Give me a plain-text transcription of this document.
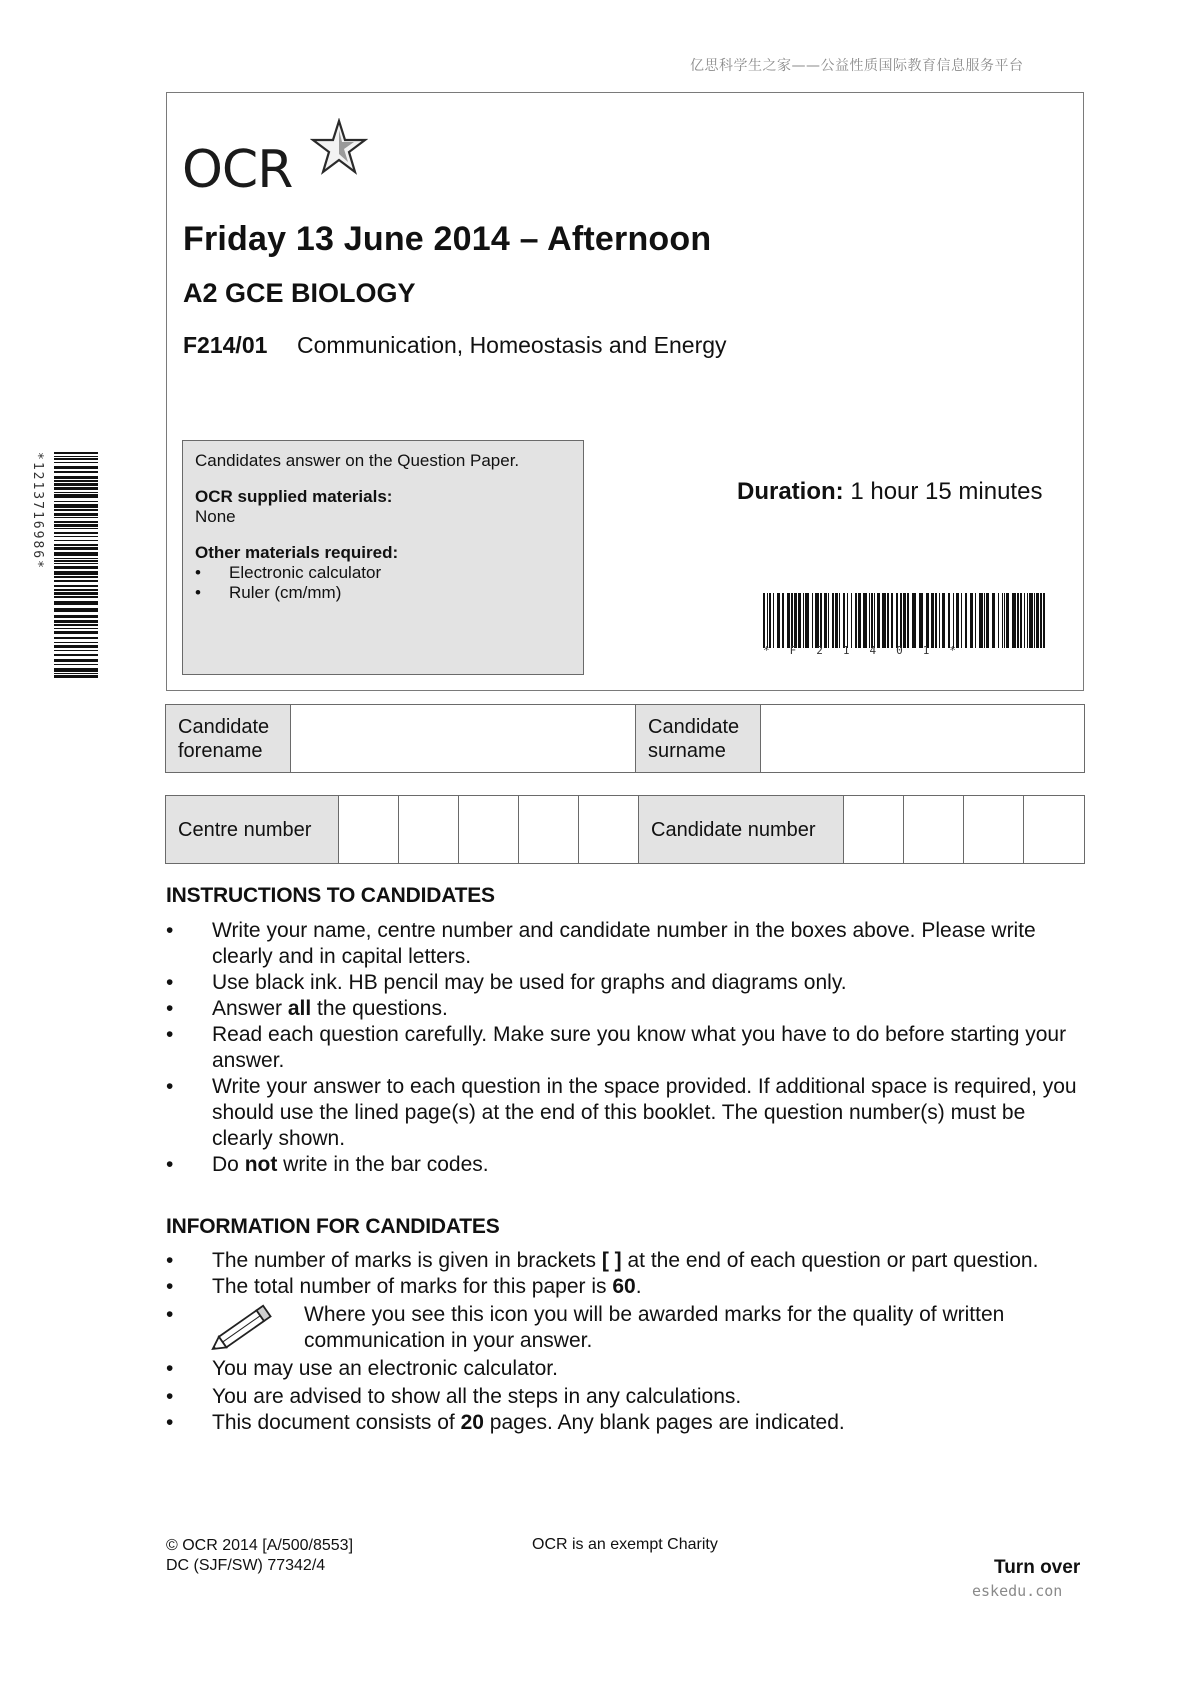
亿思科学生之家——公益性质国际教育信息服务平台
OCR
Friday 13 June 2014 – Afternoon
A2 GCE BIOLOGY
F214/01 Communication, Homeostasis and Energy
Candidates answer on the Question Paper.
OCR supplied materials:
None
Other materials required:
• Electronic calculator
• Ruler (cm/mm)
Duration: 1 hour 15 minutes
*F21401*
*1213716986*
Candidate forename		Candidate surname	
Centre number						Candidate number				
INSTRUCTIONS TO CANDIDATES
• Write your name, centre number and candidate number in the boxes above. Please write clearly and in capital letters.
• Use black ink. HB pencil may be used for graphs and diagrams only.
• Answer all the questions.
• Read each question carefully. Make sure you know what you have to do before starting your answer.
• Write your answer to each question in the space provided. If additional space is required, you should use the lined page(s) at the end of this booklet. The question number(s) must be clearly shown.
• Do not write in the bar codes.
INFORMATION FOR CANDIDATES
• The number of marks is given in brackets [ ] at the end of each question or part question.
• The total number of marks for this paper is 60.
• Where you see this icon you will be awarded marks for the quality of written communication in your answer.
• You may use an electronic calculator.
• You are advised to show all the steps in any calculations.
• This document consists of 20 pages. Any blank pages are indicated.
© OCR 2014 [A/500/8553]
DC (SJF/SW) 77342/4
OCR is an exempt Charity
Turn over
eskedu.con
